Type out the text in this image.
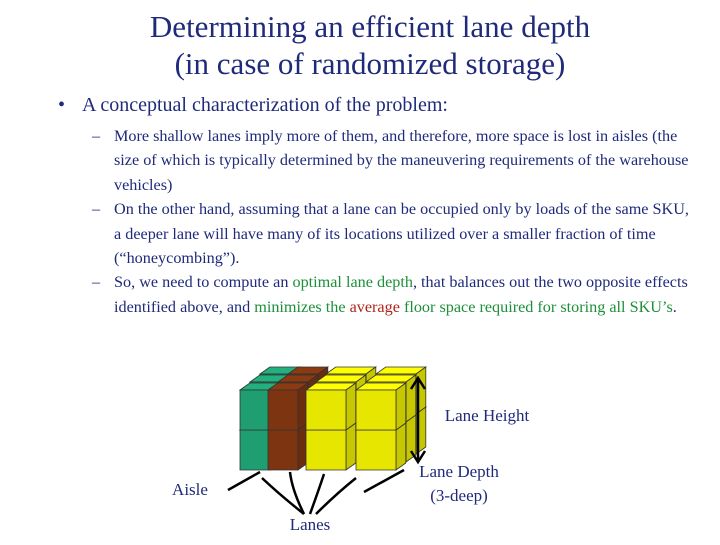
Determining an efficient lane depth
(in case of randomized storage)
• A conceptual characterization of the problem:
– More shallow lanes imply more of them, and therefore, more space is lost in aisles (the size of which is typically determined by the maneuvering requirements of the warehouse vehicles)
– On the other hand, assuming that a lane can be occupied only by loads of the same SKU, a deeper lane will have many of its locations utilized over a smaller fraction of time (“honeycombing”).
– So, we need to compute an optimal lane depth, that balances out the two opposite effects identified above, and minimizes the average floor space required for storing all SKU’s.
Lane Height
Lane Depth
(3-deep)
Aisle
Lanes
